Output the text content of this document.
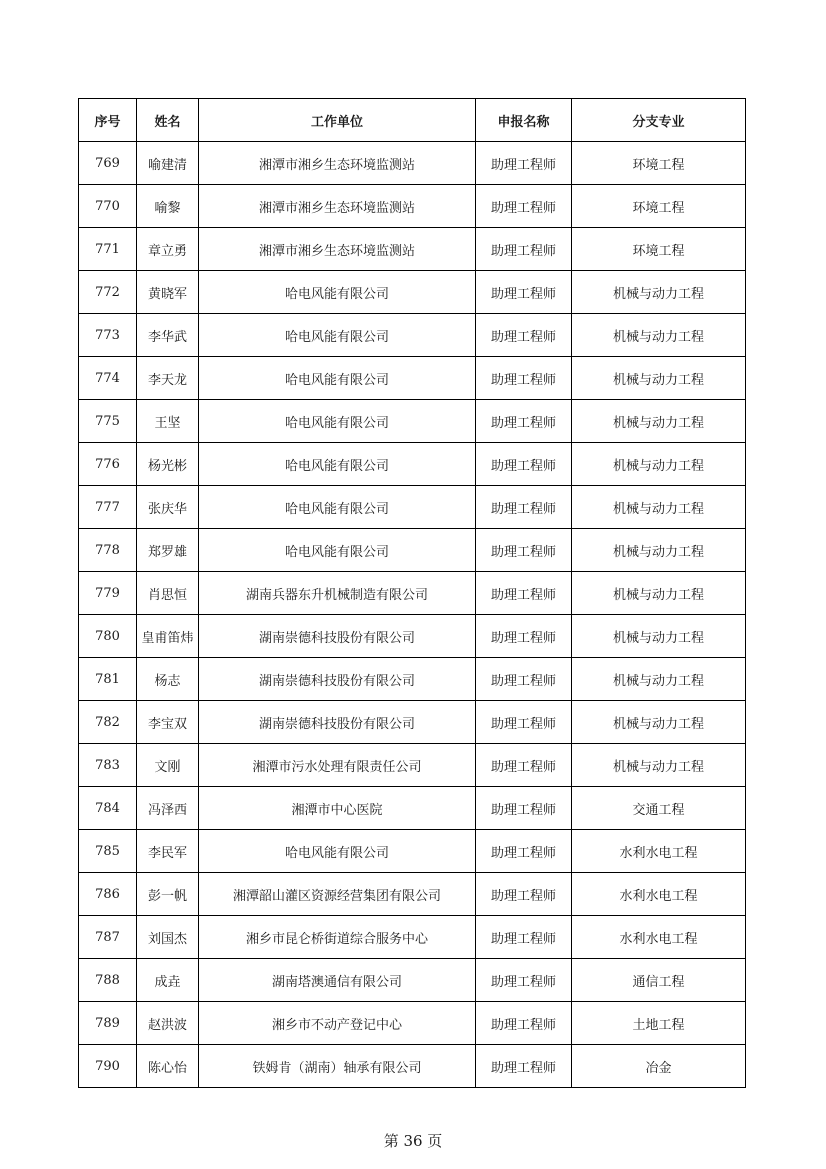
序号	姓名	工作单位	申报名称	分支专业
769	喻建清	湘潭市湘乡生态环境监测站	助理工程师	环境工程
770	喻黎	湘潭市湘乡生态环境监测站	助理工程师	环境工程
771	章立勇	湘潭市湘乡生态环境监测站	助理工程师	环境工程
772	黄晓军	哈电风能有限公司	助理工程师	机械与动力工程
773	李华武	哈电风能有限公司	助理工程师	机械与动力工程
774	李天龙	哈电风能有限公司	助理工程师	机械与动力工程
775	王坚	哈电风能有限公司	助理工程师	机械与动力工程
776	杨光彬	哈电风能有限公司	助理工程师	机械与动力工程
777	张庆华	哈电风能有限公司	助理工程师	机械与动力工程
778	郑罗雄	哈电风能有限公司	助理工程师	机械与动力工程
779	肖思恒	湖南兵器东升机械制造有限公司	助理工程师	机械与动力工程
780	皇甫笛炜	湖南崇德科技股份有限公司	助理工程师	机械与动力工程
781	杨志	湖南崇德科技股份有限公司	助理工程师	机械与动力工程
782	李宝双	湖南崇德科技股份有限公司	助理工程师	机械与动力工程
783	文刚	湘潭市污水处理有限责任公司	助理工程师	机械与动力工程
784	冯泽西	湘潭市中心医院	助理工程师	交通工程
785	李民军	哈电风能有限公司	助理工程师	水利水电工程
786	彭一帆	湘潭韶山灌区资源经营集团有限公司	助理工程师	水利水电工程
787	刘国杰	湘乡市昆仑桥街道综合服务中心	助理工程师	水利水电工程
788	成垚	湖南塔澳通信有限公司	助理工程师	通信工程
789	赵洪波	湘乡市不动产登记中心	助理工程师	土地工程
790	陈心怡	铁姆肯（湖南）轴承有限公司	助理工程师	冶金
第 36 页
